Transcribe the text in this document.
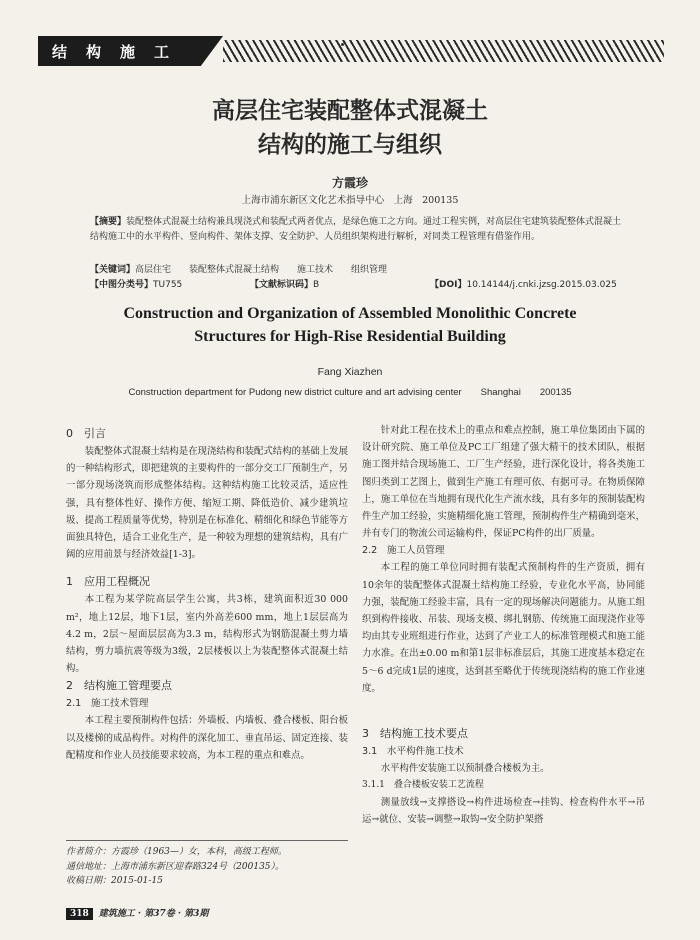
结构施工
高层住宅装配整体式混凝土
结构的施工与组织
方霞珍
上海市浦东新区文化艺术指导中心　上海　200135
【摘要】装配整体式混凝土结构兼具现浇式和装配式两者优点，是绿色施工之方向。通过工程实例，对高层住宅建筑装配整体式混凝土结构施工中的水平构件、竖向构件、架体支撑、安全防护、人员组织架构进行解析，对同类工程管理有借鉴作用。
【关键词】高层住宅　　装配整体式混凝土结构　　施工技术　　组织管理
【中图分类号】TU755	【文献标识码】B	【DOI】10.14144/j.cnki.jzsg.2015.03.025
Construction and Organization of Assembled Monolithic Concrete
Structures for High-Rise Residential Building
Fang Xiazhen
Construction department for Pudong new district culture and art advising center　　Shanghai　　200135

0　引言

装配整体式混凝土结构是在现浇结构和装配式结构的基础上发展的一种结构形式，即把建筑的主要构件的一部分交工厂预制生产，另一部分现场浇筑而形成整体结构。这种结构施工比较灵活，适应性强，具有整体性好、操作方便、缩短工期、降低造价、减少建筑垃圾、提高工程质量等优势，特别是在标准化、精细化和绿色节能等方面独具特色，适合工业化生产，是一种较为理想的建筑结构，具有广阔的应用前景与经济效益[1-3]。

1　应用工程概况

本工程为某学院高层学生公寓，共3栋，建筑面积近30 000 m²，地上12层，地下1层，室内外高差600 mm，地上1层层高为4.2 m，2层～屋面层层高为3.3 m，结构形式为钢筋混凝土剪力墙结构，剪力墙抗震等级为3级，2层楼板以上为装配整体式混凝土结构。

2　结构施工管理要点

2.1　施工技术管理

本工程主要预制构件包括：外墙板、内墙板、叠合楼板、阳台板以及楼梯的成品构件。对构件的深化加工、垂直吊运、固定连接、装配精度和作业人员技能要求较高，为本工程的重点和难点。

针对此工程在技术上的重点和难点控制，施工单位集团由下属的设计研究院、施工单位及PC工厂组建了强大精干的技术团队，根据施工图并结合现场施工、工厂生产经验，进行深化设计，将各类施工图归类到工艺图上，做到生产施工有理可依、有据可寻。在物质保障上，施工单位在当地拥有现代化生产流水线，具有多年的预制装配构件生产加工经验，实施精细化施工管理，预制构件生产精确到毫米，并有专门的物流公司运输构件，保证PC构件的出厂质量。

2.2　施工人员管理

本工程的施工单位同时拥有装配式预制构件的生产资质，拥有10余年的装配整体式混凝土结构施工经验，专业化水平高，协同能力强，装配施工经验丰富，具有一定的现场解决问题能力。从施工组织到构件接收、吊装、现场支模、绑扎钢筋、传统施工面现浇作业等均由其专业班组进行作业，达到了产业工人的标准管理模式和施工能力水准。在出±0.00 m和第1层非标准层后，其施工进度基本稳定在5～6 d完成1层的速度，达到甚至略优于传统现浇结构的施工作业速度。

3　结构施工技术要点

3.1　水平构件施工技术

水平构件安装施工以预制叠合楼板为主。

3.1.1　叠合楼板安装工艺流程

测量放线→支撑搭设→构件进场检查→挂钩、检查构件水平→吊运→就位、安装→调整→取钩→安全防护架搭

作者简介：方霞珍（1963—）女，本科，高级工程师。
通信地址：上海市浦东新区迎春路324号（200135）。
收稿日期：2015-01-15
318 建筑施工 · 第37卷 · 第3期
